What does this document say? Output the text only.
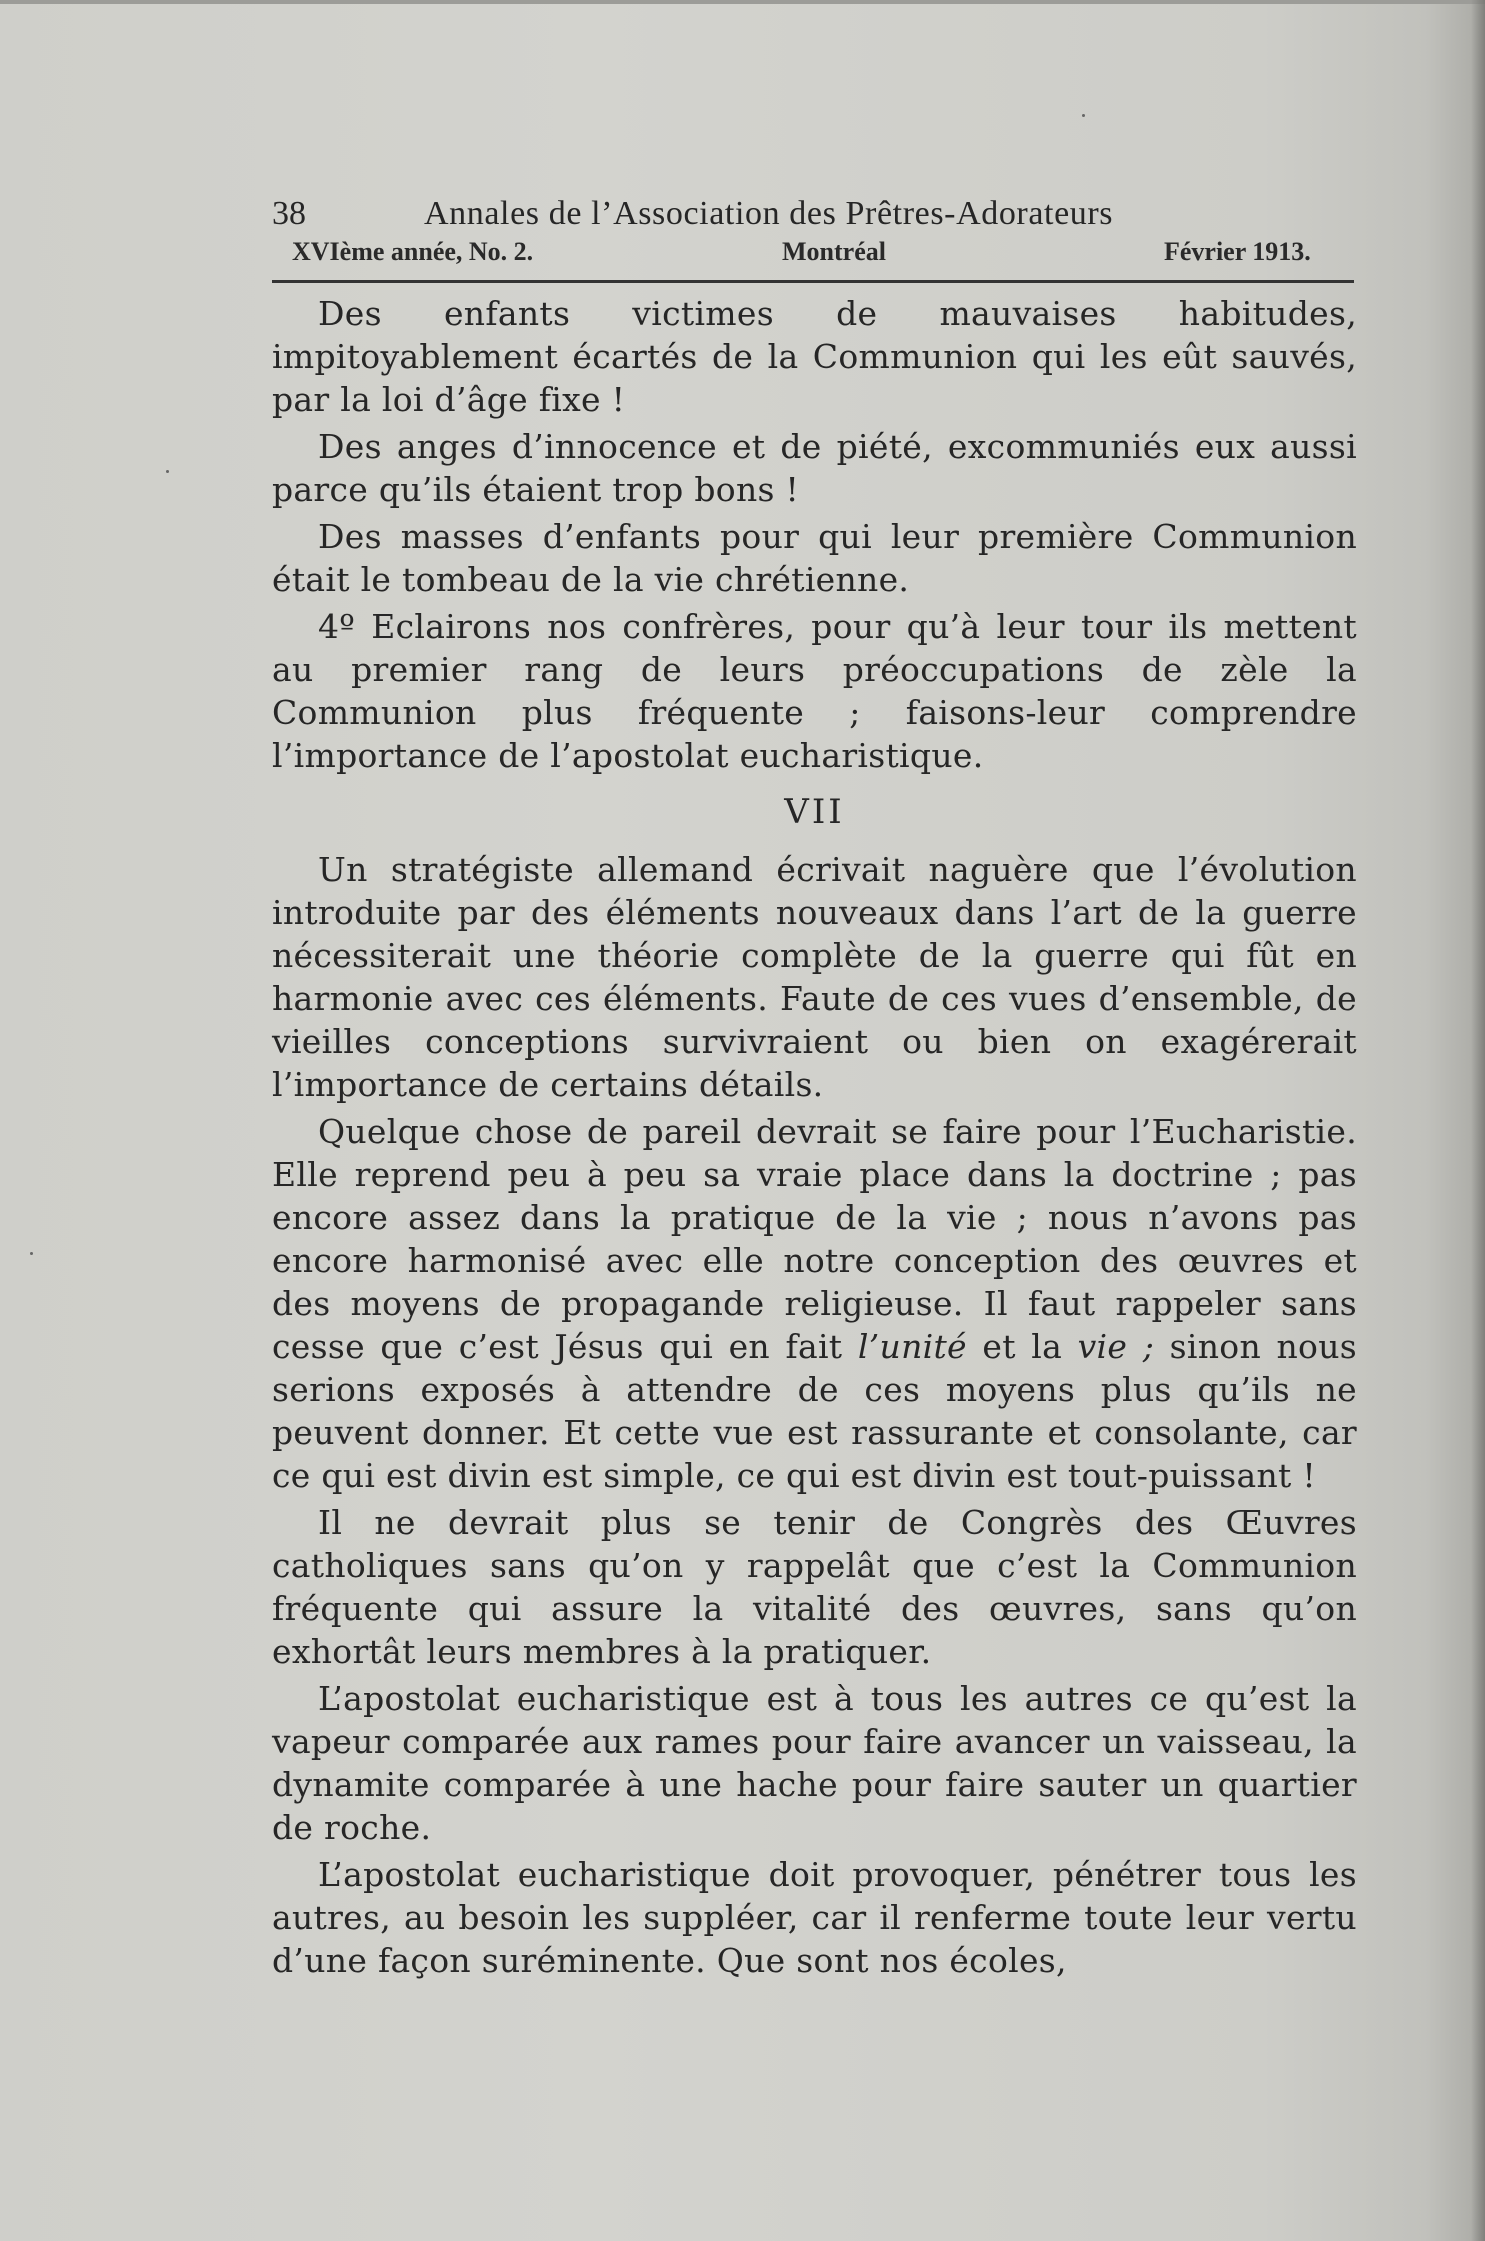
38	Annales de l’Association des Prêtres-Adorateurs
XVIème année, No. 2.	Montréal	Février 1913.

Des enfants victimes de mauvaises habitudes, impitoyablement écartés de la Communion qui les eût sauvés, par la loi d’âge fixe !

Des anges d’innocence et de piété, excommuniés eux aussi parce qu’ils étaient trop bons !

Des masses d’enfants pour qui leur première Communion était le tombeau de la vie chrétienne.

4º Eclairons nos confrères, pour qu’à leur tour ils mettent au premier rang de leurs préoccupations de zèle la Communion plus fréquente ; faisons-leur comprendre l’importance de l’apostolat eucharistique.

VII

Un stratégiste allemand écrivait naguère que l’évolution introduite par des éléments nouveaux dans l’art de la guerre nécessiterait une théorie complète de la guerre qui fût en harmonie avec ces éléments. Faute de ces vues d’ensemble, de vieilles conceptions survivraient ou bien on exagérerait l’importance de certains détails.

Quelque chose de pareil devrait se faire pour l’Eucharistie. Elle reprend peu à peu sa vraie place dans la doctrine ; pas encore assez dans la pratique de la vie ; nous n’avons pas encore harmonisé avec elle notre conception des œuvres et des moyens de propagande religieuse. Il faut rappeler sans cesse que c’est Jésus qui en fait l’unité et la vie ; sinon nous serions exposés à attendre de ces moyens plus qu’ils ne peuvent donner. Et cette vue est rassurante et consolante, car ce qui est divin est simple, ce qui est divin est tout-puissant !

Il ne devrait plus se tenir de Congrès des Œuvres catholiques sans qu’on y rappelât que c’est la Communion fréquente qui assure la vitalité des œuvres, sans qu’on exhortât leurs membres à la pratiquer.

L’apostolat eucharistique est à tous les autres ce qu’est la vapeur comparée aux rames pour faire avancer un vaisseau, la dynamite comparée à une hache pour faire sauter un quartier de roche.

L’apostolat eucharistique doit provoquer, pénétrer tous les autres, au besoin les suppléer, car il renferme toute leur vertu d’une façon suréminente. Que sont nos écoles,
